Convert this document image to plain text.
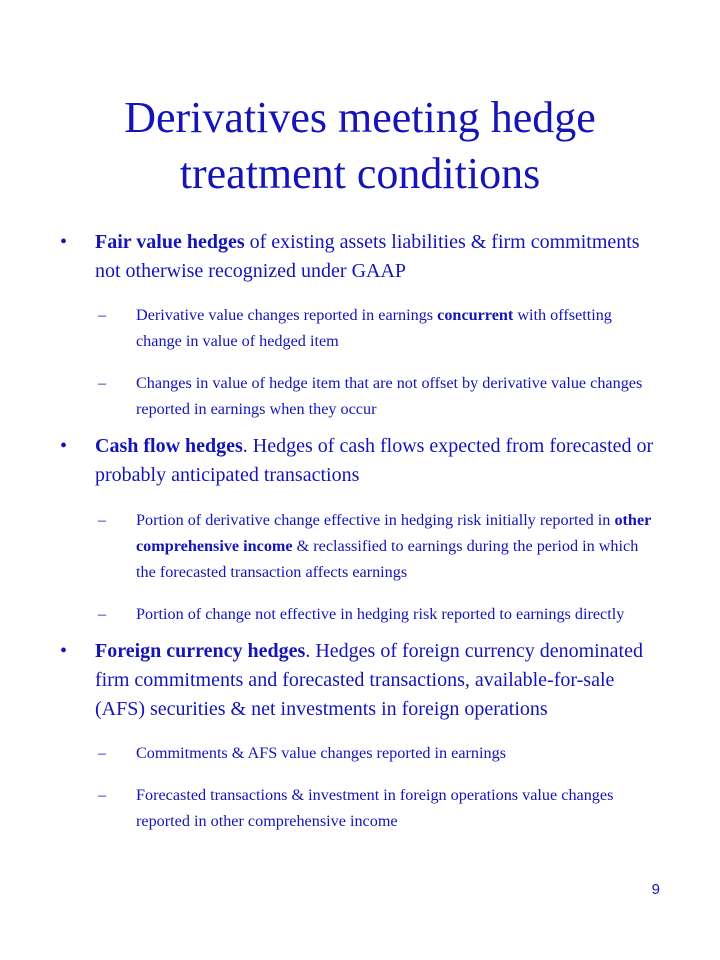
Derivatives meeting hedge treatment conditions

• Fair value hedges of existing assets liabilities & firm commitments not otherwise recognized under GAAP

– Derivative value changes reported in earnings concurrent with offsetting change in value of hedged item

– Changes in value of hedge item that are not offset by derivative value changes reported in earnings when they occur

• Cash flow hedges. Hedges of cash flows expected from forecasted or probably anticipated transactions

– Portion of derivative change effective in hedging risk initially reported in other comprehensive income & reclassified to earnings during the period in which the forecasted transaction affects earnings

– Portion of change not effective in hedging risk reported to earnings directly

• Foreign currency hedges. Hedges of foreign currency denominated firm commitments and forecasted transactions, available-for-sale (AFS) securities & net investments in foreign operations

– Commitments & AFS value changes reported in earnings

– Forecasted transactions & investment in foreign operations value changes reported in other comprehensive income

9
